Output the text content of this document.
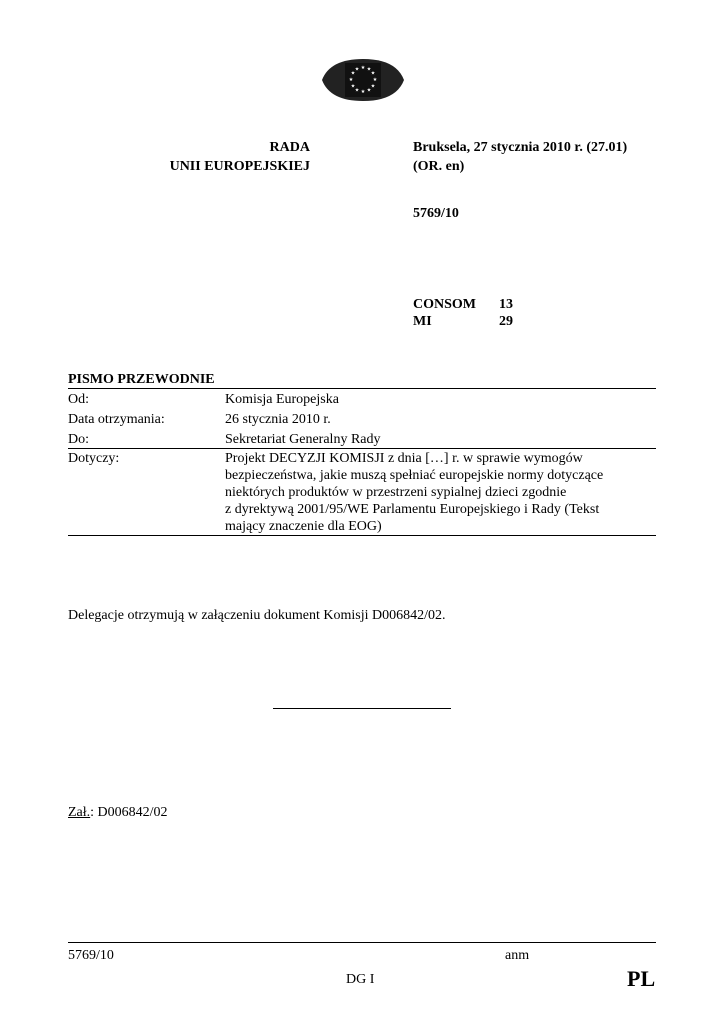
★ ★
★
★
★
★
★
★
★
★
★
★
RADA
UNII EUROPEJSKIEJ
Bruksela, 27 stycznia 2010 r. (27.01)
(OR. en)
5769/10
CONSOM	13
MI	29
PISMO PRZEWODNIE
Od:	Komisja Europejska
Data otrzymania:	26 stycznia 2010 r.
Do:	Sekretariat Generalny Rady
Dotyczy:	Projekt DECYZJI KOMISJI z dnia […] r. w sprawie wymogów
bezpieczeństwa, jakie muszą spełniać europejskie normy dotyczące
niektórych produktów w przestrzeni sypialnej dzieci zgodnie
z dyrektywą 2001/95/WE Parlamentu Europejskiego i Rady (Tekst
mający znaczenie dla EOG)
Delegacje otrzymują w załączeniu dokument Komisji D006842/02.
Zał.: D006842/02
5769/10	anm
DG I	PL
